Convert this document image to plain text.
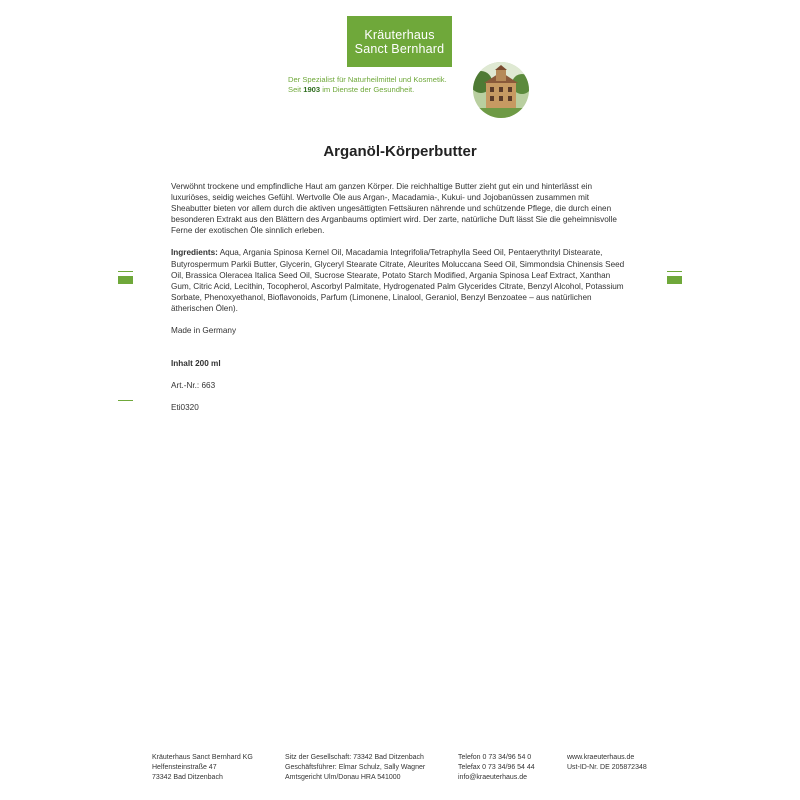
Kräuterhaus
Sanct Bernhard
Der Spezialist für Naturheilmittel und Kosmetik.
Seit 1903 im Dienste der Gesundheit.
Arganöl-Körperbutter

Verwöhnt trockene und empfindliche Haut am ganzen Körper. Die reichhaltige Butter zieht gut ein und hinterlässt ein luxuriöses, seidig weiches Gefühl. Wertvolle Öle aus Argan-, Macadamia-, Kukui- und Jojobanüssen zusammen mit Sheabutter bieten vor allem durch die aktiven ungesättigten Fettsäuren nährende und schützende Pflege, die durch einen besonderen Extrakt aus den Blättern des Arganbaums optimiert wird. Der zarte, natürliche Duft lässt Sie die geheimnisvolle Ferne der exotischen Öle sinnlich erleben.

Ingredients: Aqua, Argania Spinosa Kernel Oil, Macadamia Integrifolia/Tetraphylla Seed Oil, Pentaerythrityl Distearate, Butyrospermum Parkii Butter, Glycerin, Glyceryl Stearate Citrate, Aleurites Moluccana Seed Oil, Simmondsia Chinensis Seed Oil, Brassica Oleracea Italica Seed Oil, Sucrose Stearate, Potato Starch Modified, Argania Spinosa Leaf Extract, Xanthan Gum, Citric Acid, Lecithin, Tocopherol, Ascorbyl Palmitate, Hydrogenated Palm Glycerides Citrate, Benzyl Alcohol, Potassium Sorbate, Phenoxyethanol, Bioflavonoids, Parfum (Limonene, Linalool, Geraniol, Benzyl Benzoatee – aus natürlichen ätherischen Ölen).

Made in Germany

Inhalt 200 ml

Art.-Nr.: 663

Eti0320

Kräuterhaus Sanct Bernhard KG
Helfensteinstraße 47
73342 Bad Ditzenbach
Sitz der Gesellschaft: 73342 Bad Ditzenbach
Geschäftsführer: Elmar Schulz, Sally Wagner
Amtsgericht Ulm/Donau HRA 541000
Telefon 0 73 34/96 54 0
Telefax 0 73 34/96 54 44
info@kraeuterhaus.de
www.kraeuterhaus.de
Ust-ID-Nr. DE 205872348
